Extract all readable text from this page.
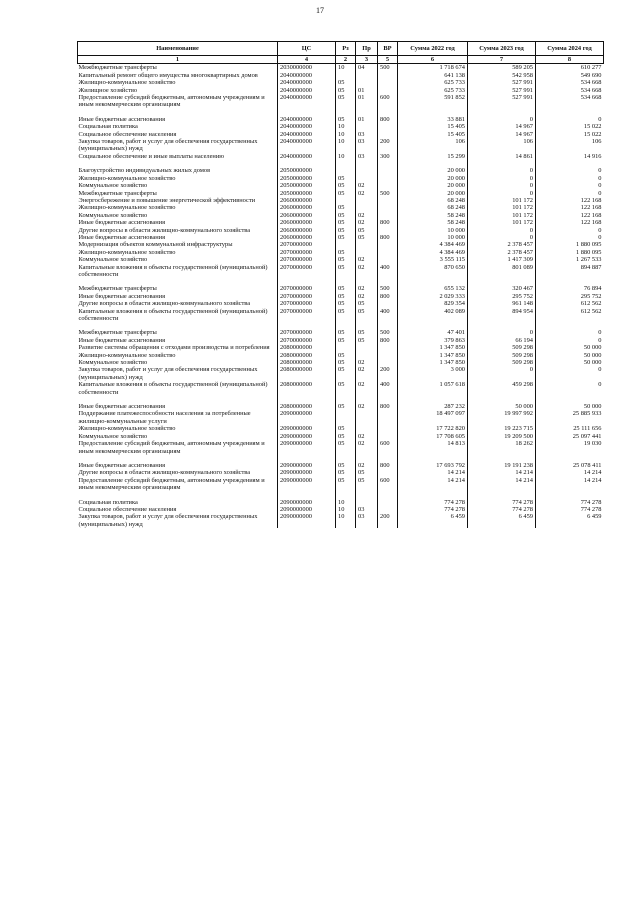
17
Наименование	ЦС	Рз	Пр	ВР	Сумма 2022 год	Сумма 2023 год	Сумма 2024 год
1	4	2	3	5	6	7	8
Межбюджетные трансферты	2030000000	10	04	500	1 718 674	589 205	610 277
Капитальный ремонт общего имущества многоквартирных домов	2040000000				641 138	542 958	549 690
Жилищно-коммунальное хозяйство	2040000000	05			625 733	527 991	534 668
Жилищное хозяйство	2040000000	05	01		625 733	527 991	534 668
Предоставление субсидий бюджетным, автономным учреждениям и иным некоммерческим организациям	2040000000	05	01	600	591 852	527 991	534 668

Иные бюджетные ассигнования	2040000000	05	01	800	33 881	0	0
Социальная политика	2040000000	10			15 405	14 967	15 022
Социальное обеспечение населения	2040000000	10	03		15 405	14 967	15 022
Закупка товаров, работ и услуг для обеспечения государственных (муниципальных) нужд	2040000000	10	03	200	106	106	106
Социальное обеспечение и иные выплаты населению	2040000000	10	03	300	15 299	14 861	14 916

Благоустройство индивидуальных жилых домов	2050000000				20 000	0	0
Жилищно-коммунальное хозяйство	2050000000	05			20 000	0	0
Коммунальное хозяйство	2050000000	05	02		20 000	0	0
Межбюджетные трансферты	2050000000	05	02	500	20 000	0	0
Энергосбережение и повышение энергетической эффективности	2060000000				68 248	101 172	122 168
Жилищно-коммунальное хозяйство	2060000000	05			68 248	101 172	122 168
Коммунальное хозяйство	2060000000	05	02		58 248	101 172	122 168
Иные бюджетные ассигнования	2060000000	05	02	800	58 248	101 172	122 168
Другие вопросы в области жилищно-коммунального хозяйства	2060000000	05	05		10 000	0	0
Иные бюджетные ассигнования	2060000000	05	05	800	10 000	0	0
Модернизация объектов коммунальной инфраструктуры	2070000000				4 384 469	2 378 457	1 880 095
Жилищно-коммунальное хозяйство	2070000000	05			4 384 469	2 378 457	1 880 095
Коммунальное хозяйство	2070000000	05	02		3 555 115	1 417 309	1 267 533
Капитальные вложения в объекты государственной (муниципальной) собственности	2070000000	05	02	400	870 650	801 089	894 887

Межбюджетные трансферты	2070000000	05	02	500	655 132	320 467	76 894
Иные бюджетные ассигнования	2070000000	05	02	800	2 029 333	295 752	295 752
Другие вопросы в области жилищно-коммунального хозяйства	2070000000	05	05		829 354	961 148	612 562
Капитальные вложения в объекты государственной (муниципальной) собственности	2070000000	05	05	400	402 089	894 954	612 562

Межбюджетные трансферты	2070000000	05	05	500	47 401	0	0
Иные бюджетные ассигнования	2070000000	05	05	800	379 863	66 194	0
Развитие системы обращения с отходами производства и потребления	2080000000				1 347 850	509 298	50 000
Жилищно-коммунальное хозяйство	2080000000	05			1 347 850	509 298	50 000
Коммунальное хозяйство	2080000000	05	02		1 347 850	509 298	50 000
Закупка товаров, работ и услуг для обеспечения государственных (муниципальных) нужд	2080000000	05	02	200	3 000	0	0
Капитальные вложения в объекты государственной (муниципальной) собственности	2080000000	05	02	400	1 057 618	459 298	0

Иные бюджетные ассигнования	2080000000	05	02	800	287 232	50 000	50 000
Поддержание платежеспособности населения за потребленные жилищно-коммунальные услуги	2090000000				18 497 097	19 997 992	25 885 933
Жилищно-коммунальное хозяйство	2090000000	05			17 722 820	19 223 715	25 111 656
Коммунальное хозяйство	2090000000	05	02		17 708 605	19 209 500	25 097 441
Предоставление субсидий бюджетным, автономным учреждениям и иным некоммерческим организациям	2090000000	05	02	600	14 813	18 262	19 030

Иные бюджетные ассигнования	2090000000	05	02	800	17 693 792	19 191 238	25 078 411
Другие вопросы в области жилищно-коммунального хозяйства	2090000000	05	05		14 214	14 214	14 214
Предоставление субсидий бюджетным, автономным учреждениям и иным некоммерческим организациям	2090000000	05	05	600	14 214	14 214	14 214

Социальная политика	2090000000	10			774 278	774 278	774 278
Социальное обеспечение населения	2090000000	10	03		774 278	774 278	774 278
Закупка товаров, работ и услуг для обеспечения государственных (муниципальных) нужд	2090000000	10	03	200	6 459	6 459	6 459
